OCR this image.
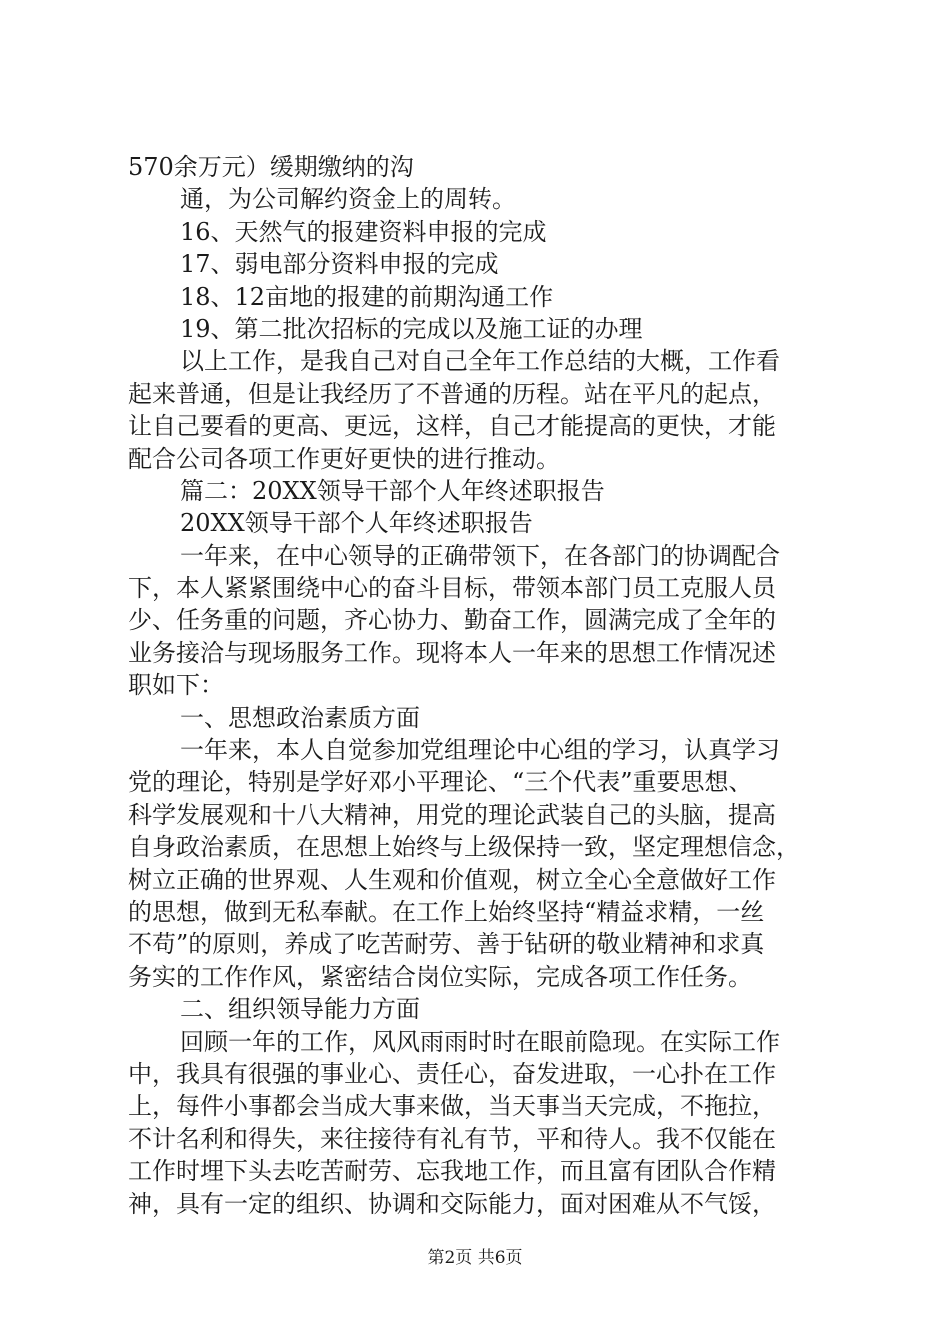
570余万元）缓期缴纳的沟
通，为公司解约资金上的周转。
16、天然气的报建资料申报的完成
17、弱电部分资料申报的完成
18、12亩地的报建的前期沟通工作
19、第二批次招标的完成以及施工证的办理
以上工作，是我自己对自己全年工作总结的大概，工作看
起来普通，但是让我经历了不普通的历程。站在平凡的起点，
让自己要看的更高、更远，这样，自己才能提高的更快，才能
配合公司各项工作更好更快的进行推动。
篇二：20XX领导干部个人年终述职报告
20XX领导干部个人年终述职报告
一年来，在中心领导的正确带领下，在各部门的协调配合
下，本人紧紧围绕中心的奋斗目标，带领本部门员工克服人员
少、任务重的问题，齐心协力、勤奋工作，圆满完成了全年的
业务接洽与现场服务工作。现将本人一年来的思想工作情况述
职如下：
一、思想政治素质方面
一年来，本人自觉参加党组理论中心组的学习，认真学习
党的理论，特别是学好邓小平理论、“三个代表”重要思想、
科学发展观和十八大精神，用党的理论武装自己的头脑，提高
自身政治素质，在思想上始终与上级保持一致，坚定理想信念，
树立正确的世界观、人生观和价值观，树立全心全意做好工作
的思想，做到无私奉献。在工作上始终坚持“精益求精，一丝
不苟”的原则，养成了吃苦耐劳、善于钻研的敬业精神和求真
务实的工作作风，紧密结合岗位实际，完成各项工作任务。
二、组织领导能力方面
回顾一年的工作，风风雨雨时时在眼前隐现。在实际工作
中，我具有很强的事业心、责任心，奋发进取，一心扑在工作
上，每件小事都会当成大事来做，当天事当天完成，不拖拉，
不计名利和得失，来往接待有礼有节，平和待人。我不仅能在
工作时埋下头去吃苦耐劳、忘我地工作，而且富有团队合作精
神，具有一定的组织、协调和交际能力，面对困难从不气馁，
第2页 共6页
